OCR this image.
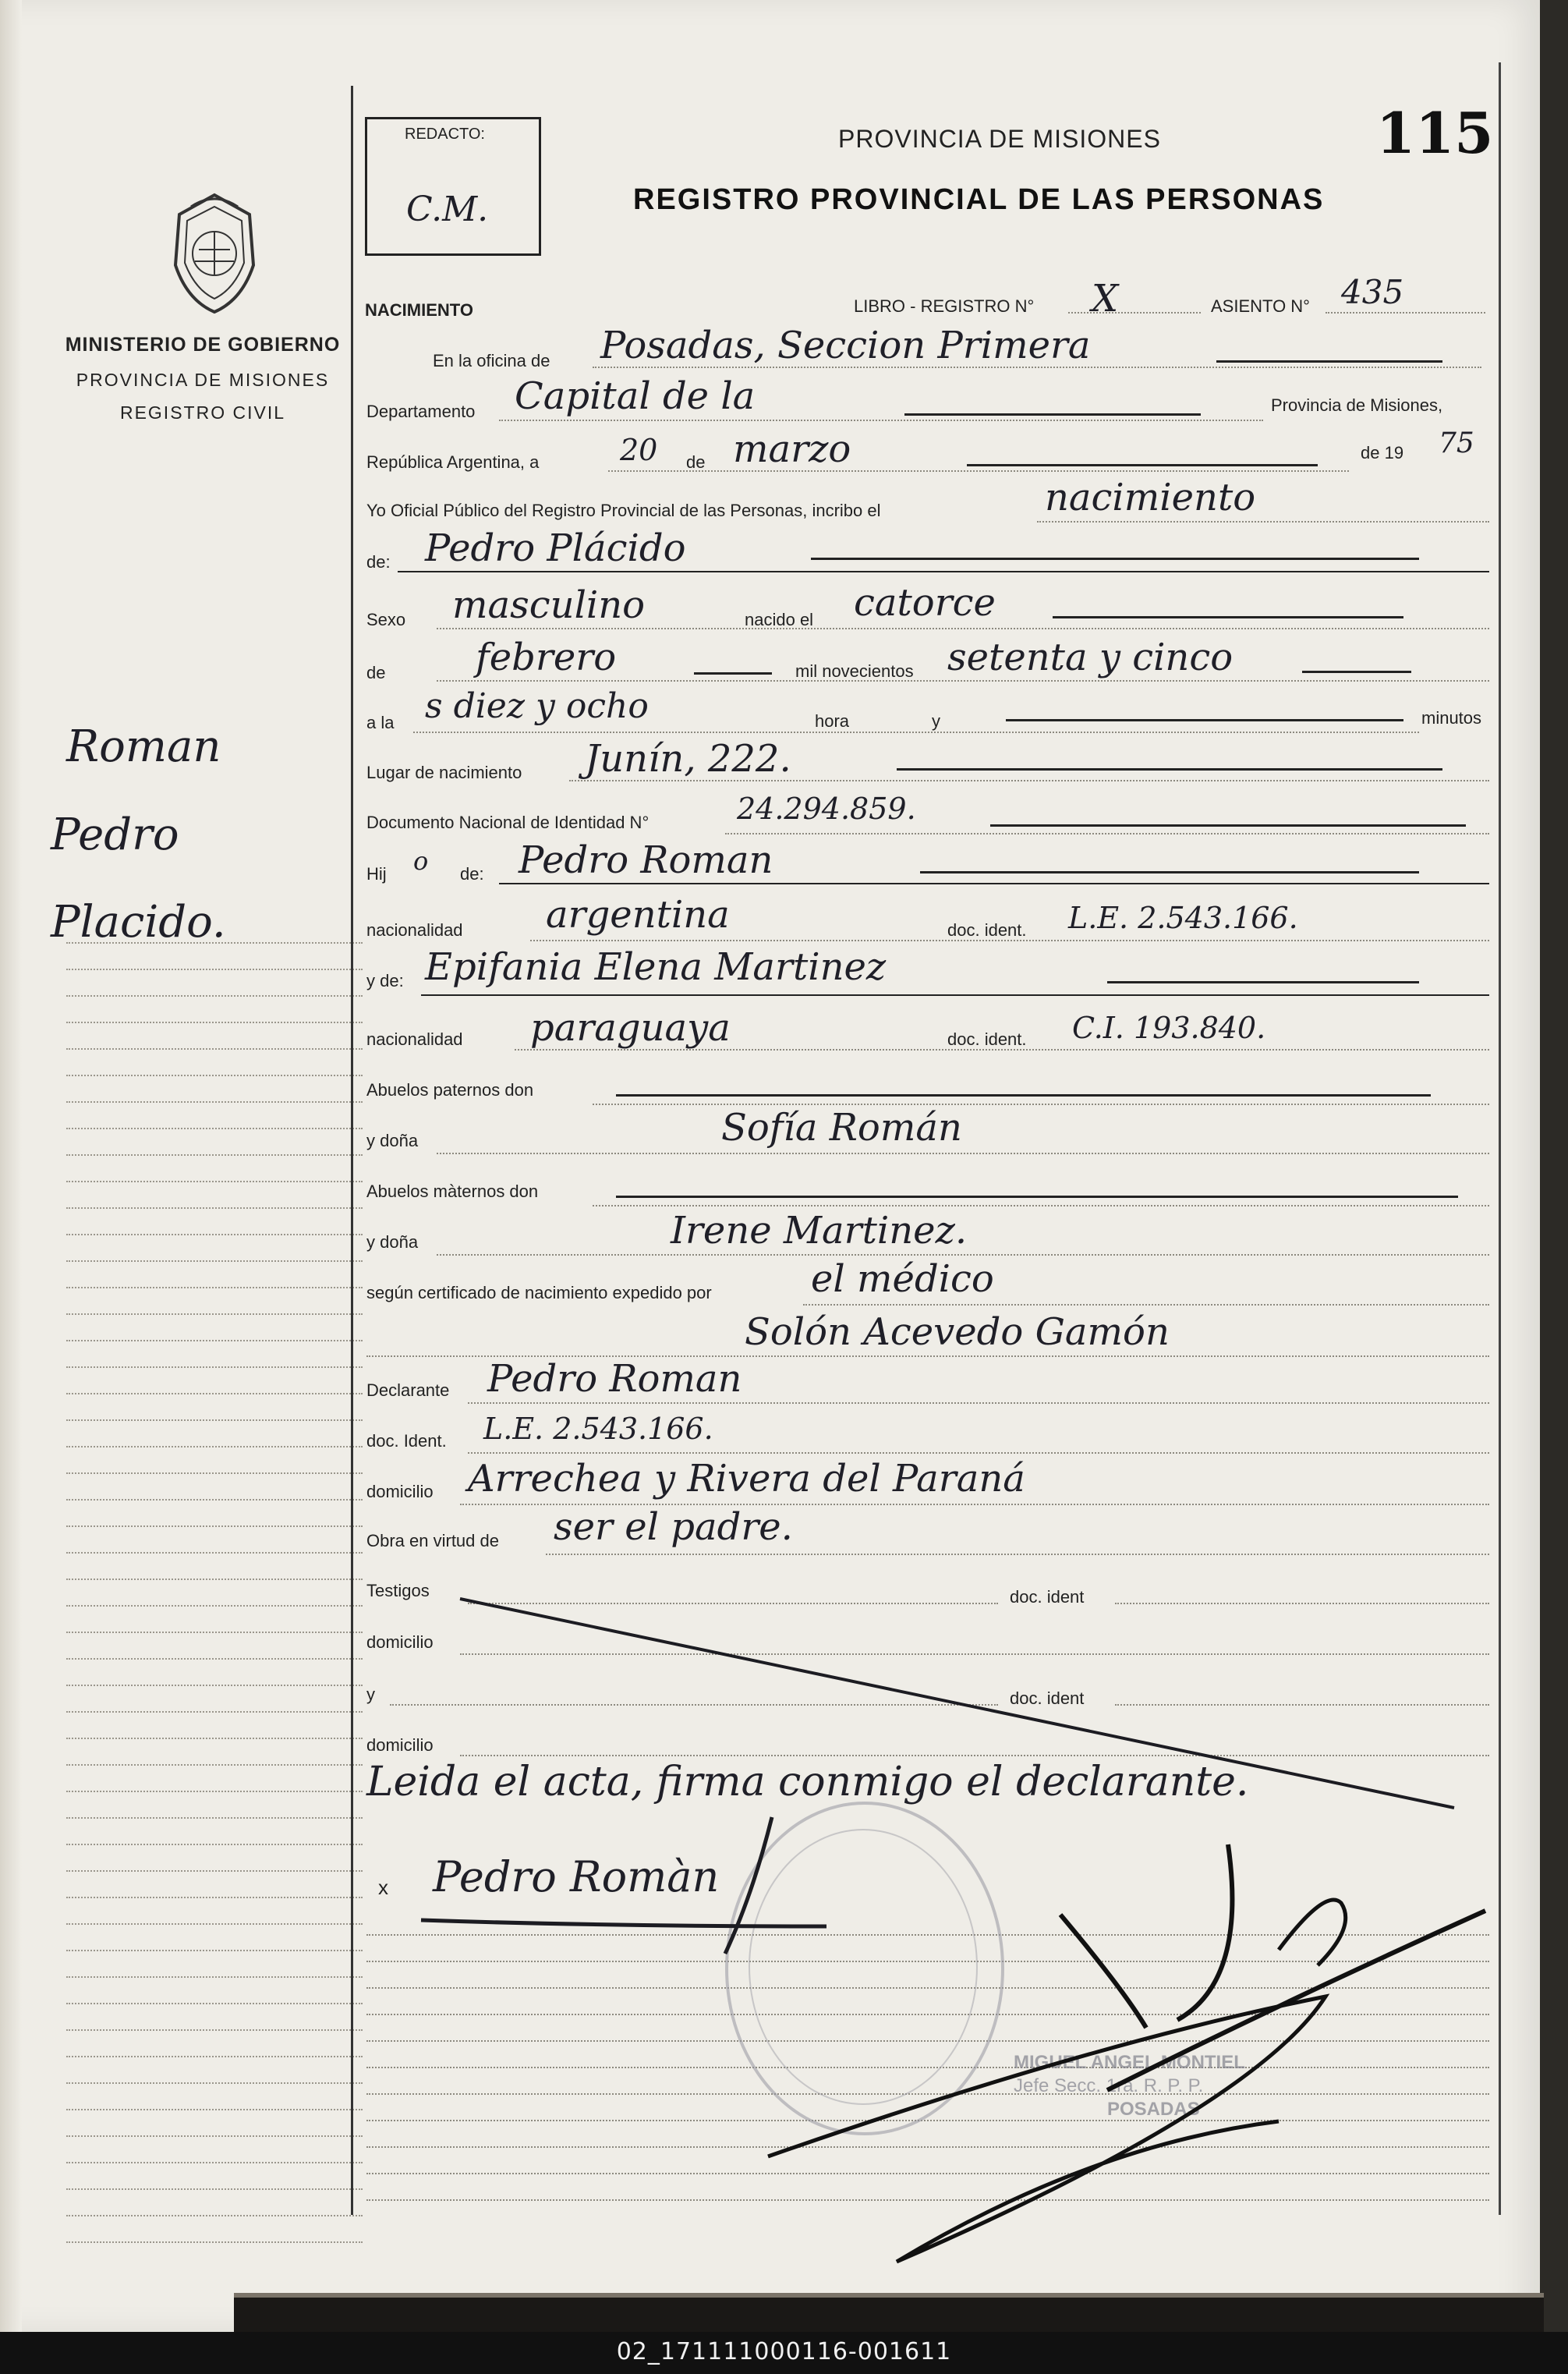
MINISTERIO DE GOBIERNO
PROVINCIA DE MISIONES
REGISTRO CIVIL
Roman
Pedro
Placido.
REDACTO:
C.M.
PROVINCIA DE MISIONES
REGISTRO PROVINCIAL DE LAS PERSONAS
115
NACIMIENTO	LIBRO - REGISTRO N° X	ASIENTO N° 435
En la oficina de Posadas, Seccion Primera
Departamento Capital de la	Provincia de Misiones,
República Argentina, a	20 de marzo	de 19 75
Yo Oficial Público del Registro Provincial de las Personas, incribo el	nacimiento
de: Pedro Plácido
Sexo masculino	nacido el catorce
de febrero	mil novecientos setenta y cinco
a la s diez y ocho	hora	y	minutos
Lugar de nacimiento Junín, 222.
Documento Nacional de Identidad N°	24.294.859.
Hij o de: Pedro Roman
nacionalidad argentina	doc. ident. L.E. 2.543.166.
y de: Epifania Elena Martinez
nacionalidad paraguaya	doc. ident. C.I. 193.840.
Abuelos paternos don
y doña	Sofía Román
Abuelos màternos don
y doña	Irene Martinez.
según certificado de nacimiento expedido por	el médico
Solón Acevedo Gamón
Declarante Pedro Roman
doc. Ident. L.E. 2.543.166.
domicilio Arrechea y Rivera del Paraná
Obra en virtud de ser el padre.
Testigos	doc. ident
domicilio
y	doc. ident
domicilio
Leida el acta, firma conmigo el declarante.
x Pedro Romàn
MIGUEL ANGEL MONTIEL
Jefe Secc. 1ra. R. P. P.
POSADAS
02_171111000116-001611
